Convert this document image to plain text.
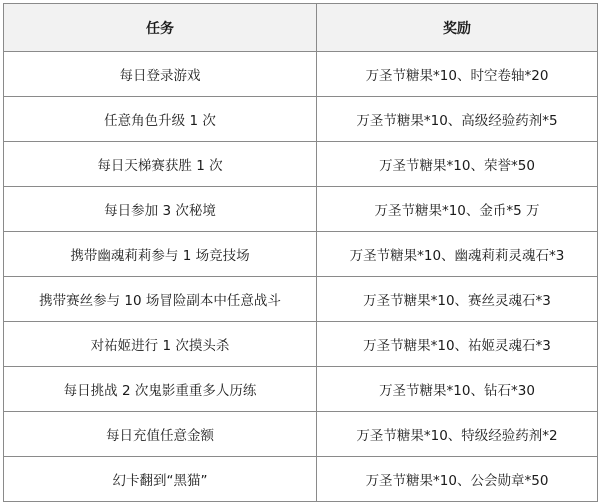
任务	奖励
每日登录游戏	万圣节糖果*10、时空卷轴*20
任意角色升级 1 次	万圣节糖果*10、高级经验药剂*5
每日天梯赛获胜 1 次	万圣节糖果*10、荣誉*50
每日参加 3 次秘境	万圣节糖果*10、金币*5 万
携带幽魂莉莉参与 1 场竞技场	万圣节糖果*10、幽魂莉莉灵魂石*3
携带赛丝参与 10 场冒险副本中任意战斗	万圣节糖果*10、赛丝灵魂石*3
对祐姬进行 1 次摸头杀	万圣节糖果*10、祐姬灵魂石*3
每日挑战 2 次鬼影重重多人历练	万圣节糖果*10、钻石*30
每日充值任意金额	万圣节糖果*10、特级经验药剂*2
幻卡翻到“黑猫”	万圣节糖果*10、公会勋章*50
